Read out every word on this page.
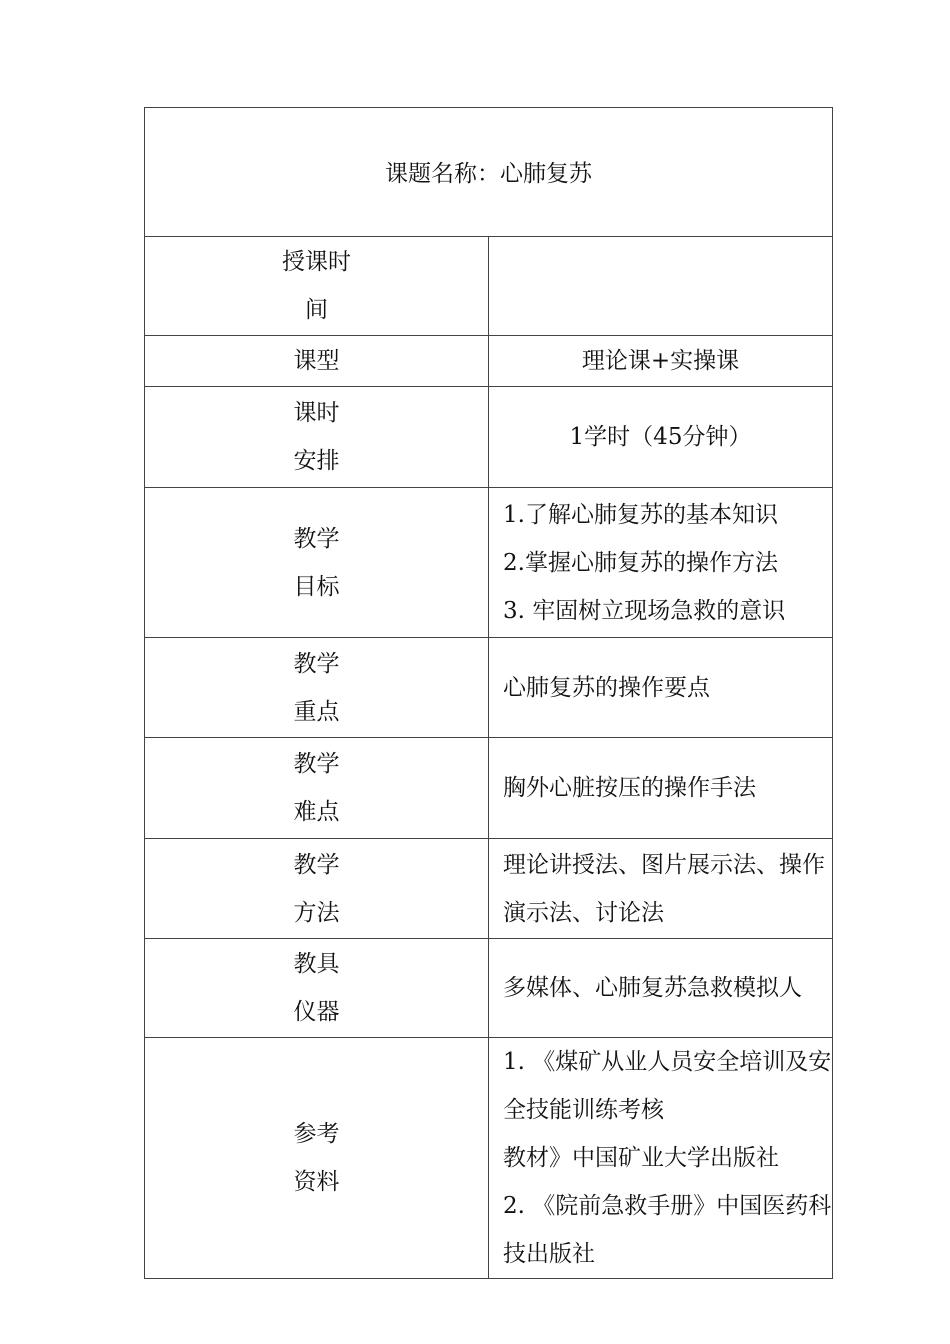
课题名称：心肺复苏	

授课时
间	

课型	理论课+实操课

课时
安排	1学时（45分钟）

教学
目标	1.了解心肺复苏的基本知识
2.掌握心肺复苏的操作方法
3. 牢固树立现场急救的意识

教学
重点	心肺复苏的操作要点

教学
难点	胸外心脏按压的操作手法

教学
方法	理论讲授法、图片展示法、操作演示法、讨论法

教具
仪器	多媒体、心肺复苏急救模拟人

参考
资料	1. 《煤矿从业人员安全培训及安全技能训练考核
教材》中国矿业大学出版社
2. 《院前急救手册》中国医药科技出版社
